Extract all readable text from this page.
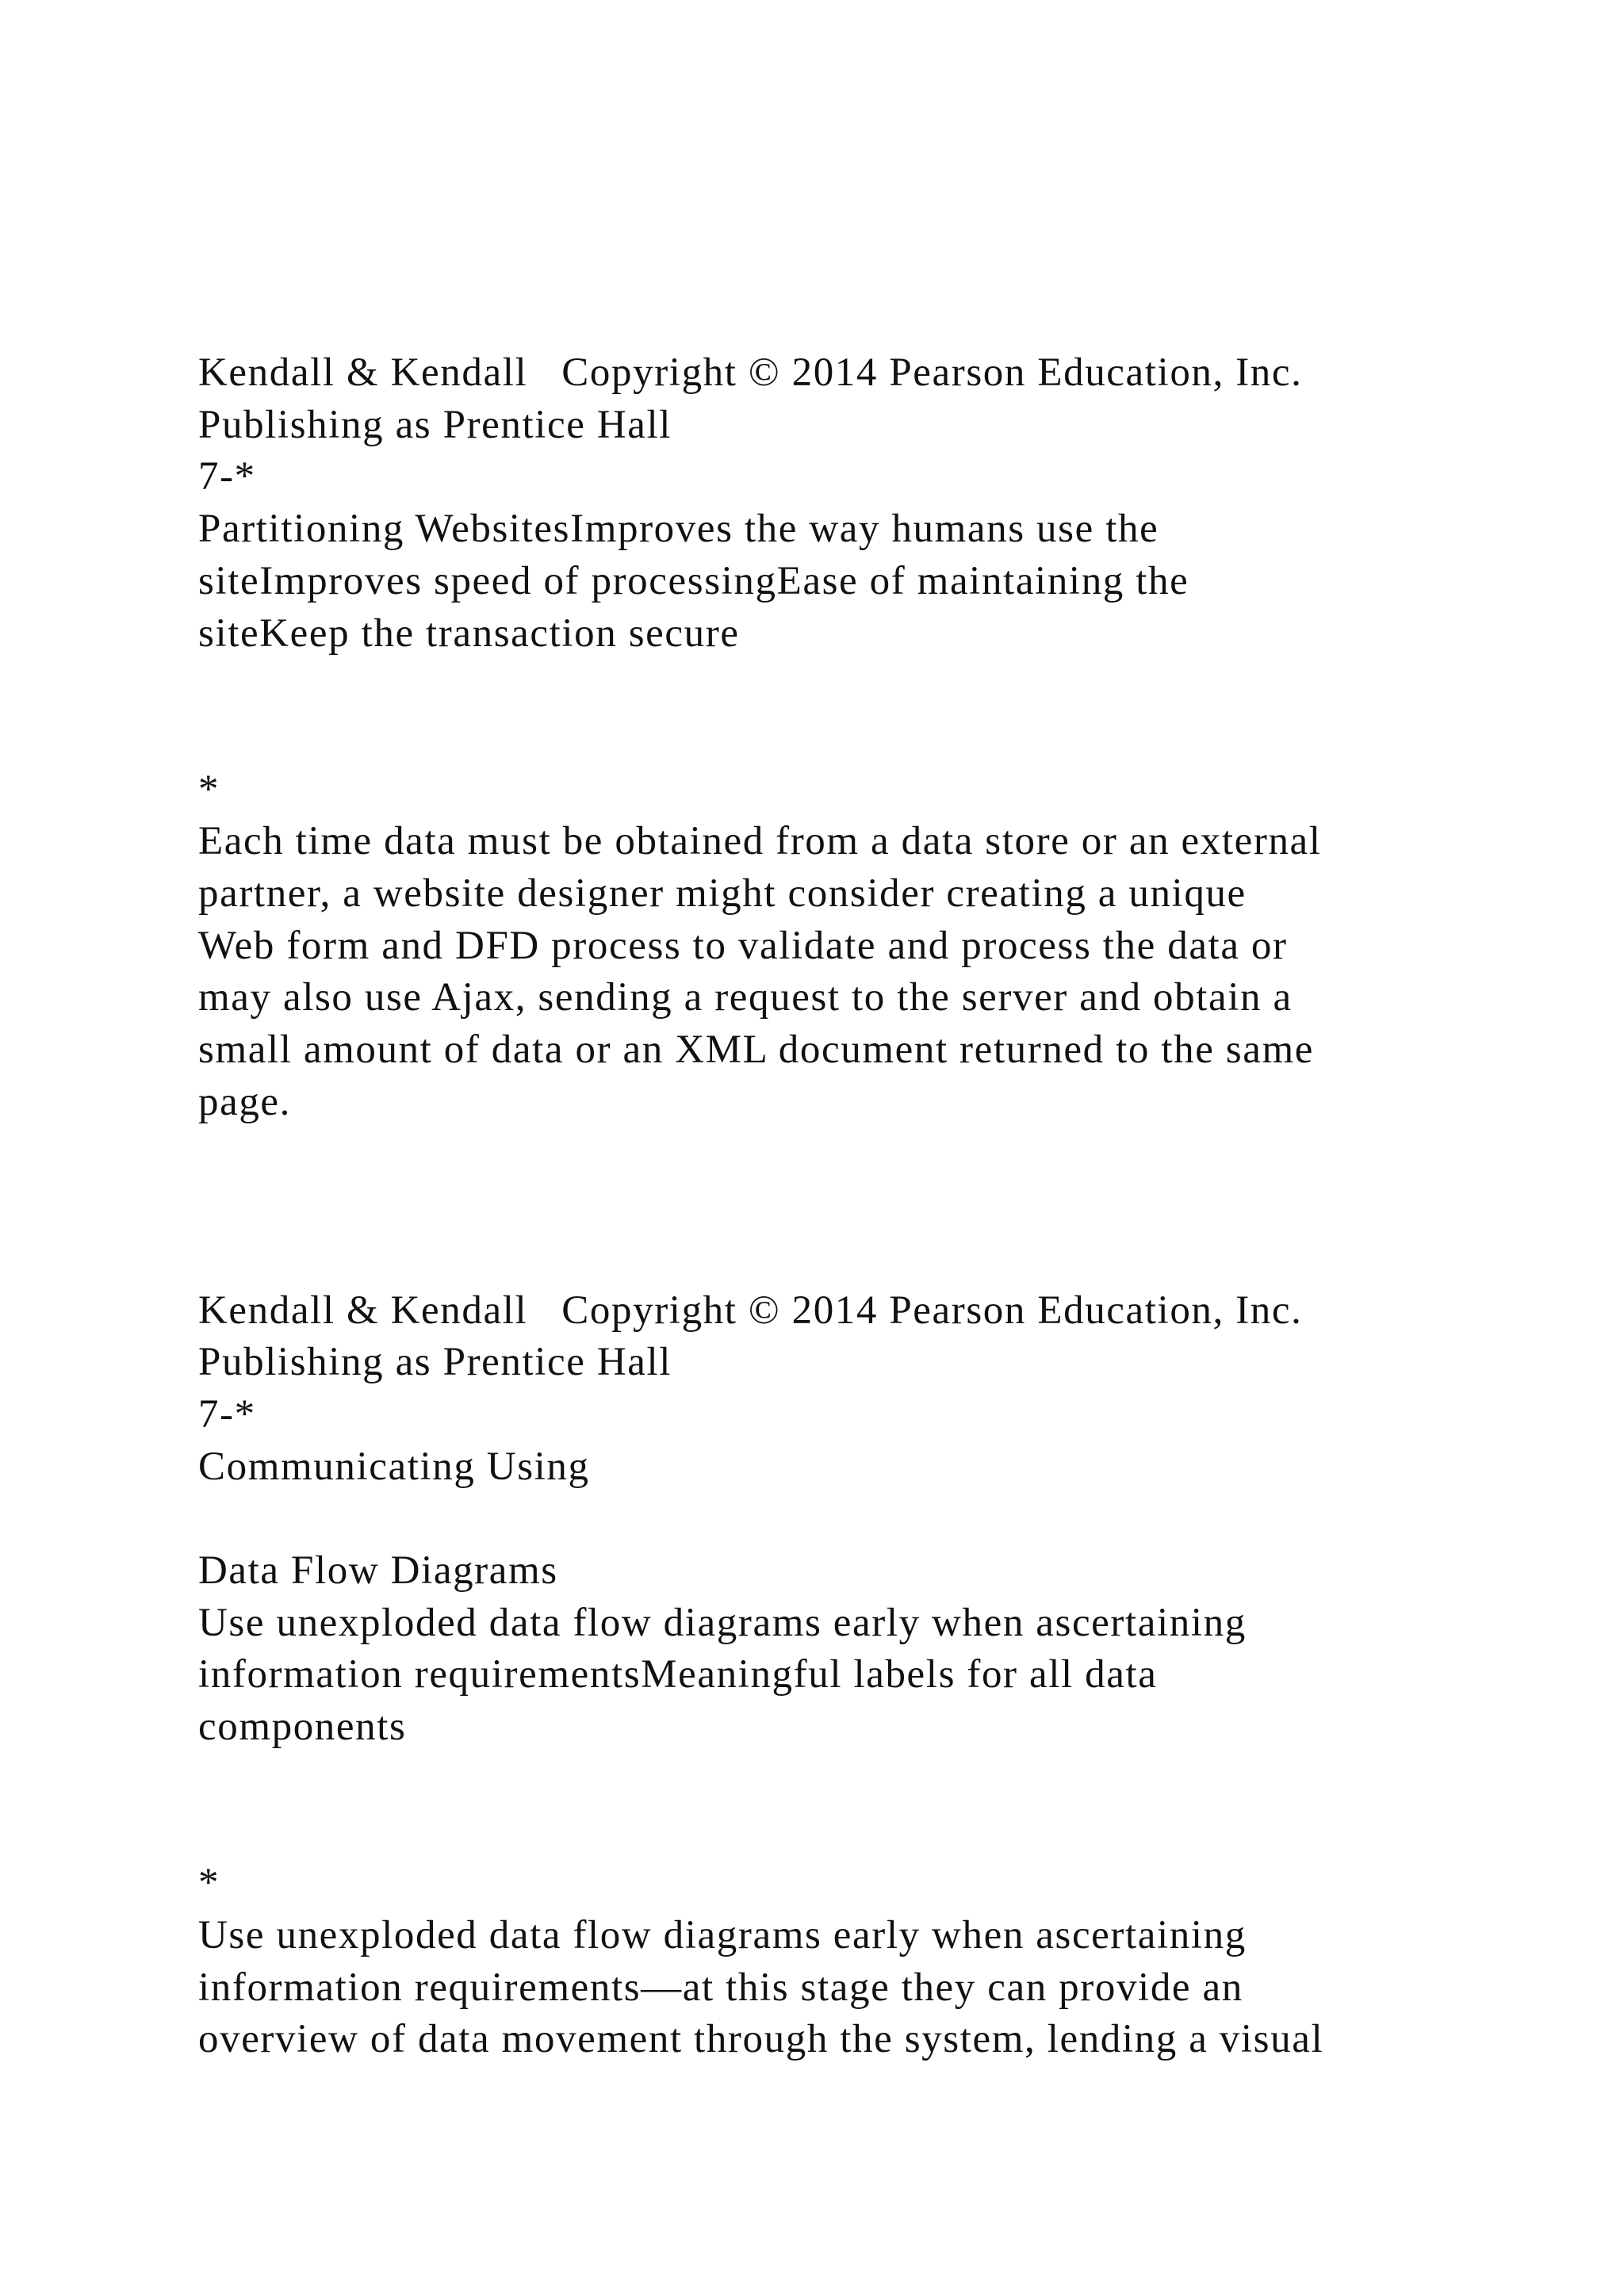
Kendall & Kendall   Copyright © 2014 Pearson Education, Inc.
Publishing as Prentice Hall
7-*
Partitioning WebsitesImproves the way humans use the
siteImproves speed of processingEase of maintaining the
siteKeep the transaction secure
*
Each time data must be obtained from a data store or an external
partner, a website designer might consider creating a unique
Web form and DFD process to validate and process the data or
may also use Ajax, sending a request to the server and obtain a
small amount of data or an XML document returned to the same
page.
Kendall & Kendall   Copyright © 2014 Pearson Education, Inc.
Publishing as Prentice Hall
7-*
Communicating Using
Data Flow Diagrams
Use unexploded data flow diagrams early when ascertaining
information requirementsMeaningful labels for all data
components
*
Use unexploded data flow diagrams early when ascertaining
information requirements—at this stage they can provide an
overview of data movement through the system, lending a visual
